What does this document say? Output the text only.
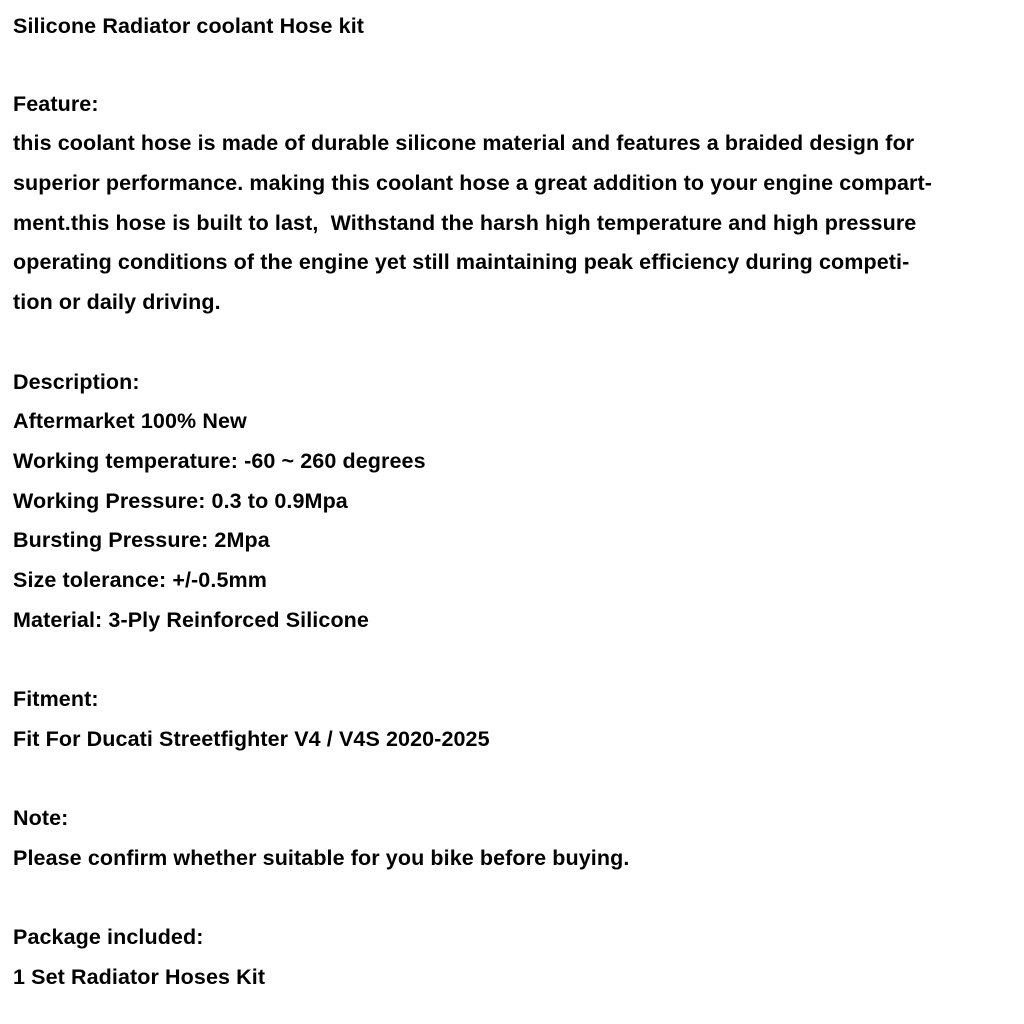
Silicone Radiator coolant Hose kit
Feature:
this coolant hose is made of durable silicone material and features a braided design for
superior performance. making this coolant hose a great addition to your engine compart-
ment.this hose is built to last,  Withstand the harsh high temperature and high pressure
operating conditions of the engine yet still maintaining peak efficiency during competi-
tion or daily driving.
Description:
Aftermarket 100% New
Working temperature: -60 ~ 260 degrees
Working Pressure: 0.3 to 0.9Mpa
Bursting Pressure: 2Mpa
Size tolerance: +/-0.5mm
Material: 3-Ply Reinforced Silicone
Fitment:
Fit For Ducati Streetfighter V4 / V4S 2020-2025
Note:
Please confirm whether suitable for you bike before buying.
Package included:
1 Set Radiator Hoses Kit
